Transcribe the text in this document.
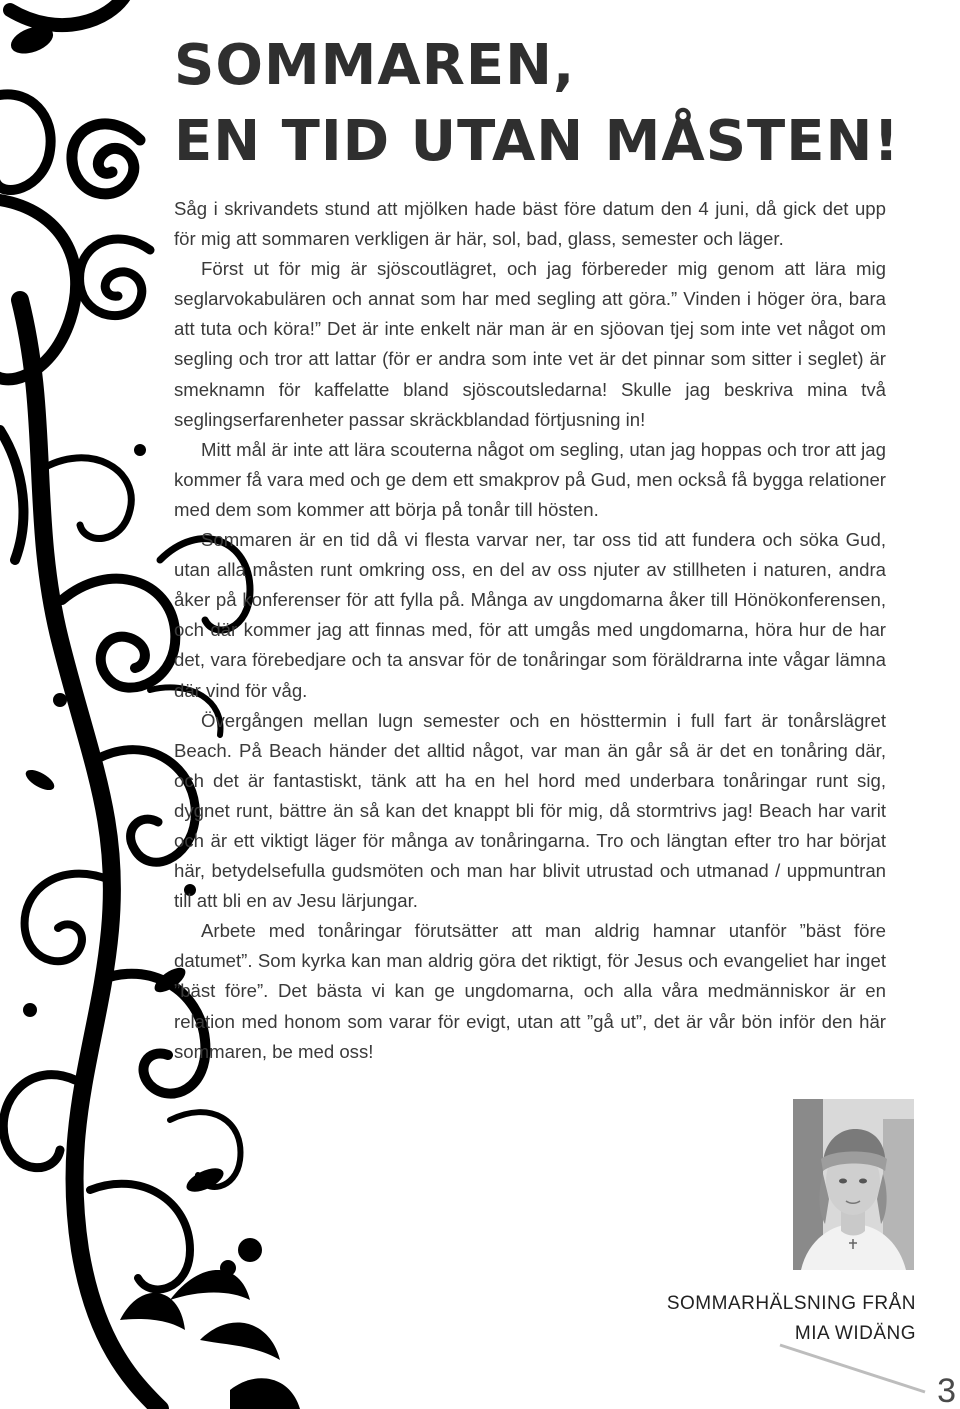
SOMMAREN,
EN TID UTAN MÅSTEN!

Såg i skrivandets stund att mjölken hade bäst före datum den 4 juni, då gick det upp för mig att sommaren verkligen är här, sol, bad, glass, semester och läger.

Först ut för mig är sjöscoutlägret, och jag förbereder mig genom att lära mig seglarvokabulären och annat som har med segling att göra.” Vinden i höger öra, bara att tuta och köra!” Det är inte enkelt när man är en sjöovan tjej som inte vet något om segling och tror att lattar (för er andra som inte vet är det pinnar som sitter i seglet) är smeknamn för kaffelatte bland sjöscoutsledarna! Skulle jag beskriva mina två seglingserfarenheter passar skräckblandad förtjusning in!

Mitt mål är inte att lära scouterna något om segling, utan jag hoppas och tror att jag kommer få vara med och ge dem ett smakprov på Gud, men också få bygga relationer med dem som kommer att börja på tonår till hösten.

Sommaren är en tid då vi flesta varvar ner, tar oss tid att fundera och söka Gud, utan alla måsten runt omkring oss, en del av oss njuter av stillheten i naturen, andra åker på konferenser för att fylla på. Många av ungdomarna åker till Hönökonferensen, och där kommer jag att finnas med, för att umgås med ungdomarna, höra hur de har det, vara förebedjare och ta ansvar för de tonåringar som föräldrarna inte vågar lämna där vind för våg.

Övergången mellan lugn semester och en hösttermin i full fart är tonårslägret Beach. På Beach händer det alltid något, var man än går så är det en tonåring där, och det är fantastiskt, tänk att ha en hel hord med underbara tonåringar runt sig, dygnet runt, bättre än så kan det knappt bli för mig, då stormtrivs jag! Beach har varit och är ett viktigt läger för många av tonåringarna. Tro och längtan efter tro har börjat här, betydelsefulla gudsmöten och man har blivit utrustad och utmanad / uppmuntran till att bli en av Jesu lärjungar.

Arbete med tonåringar förutsätter att man aldrig hamnar utanför ”bäst före datumet”. Som kyrka kan man aldrig göra det riktigt, för Jesus och evangeliet har inget ”bäst före”. Det bästa vi kan ge ungdomarna, och alla våra medmänniskor är en relation med honom som varar för evigt, utan att ”gå ut”, det är vår bön inför den här sommaren, be med oss!

SOMMARHÄLSNING FRÅN
MIA WIDÄNG
3
